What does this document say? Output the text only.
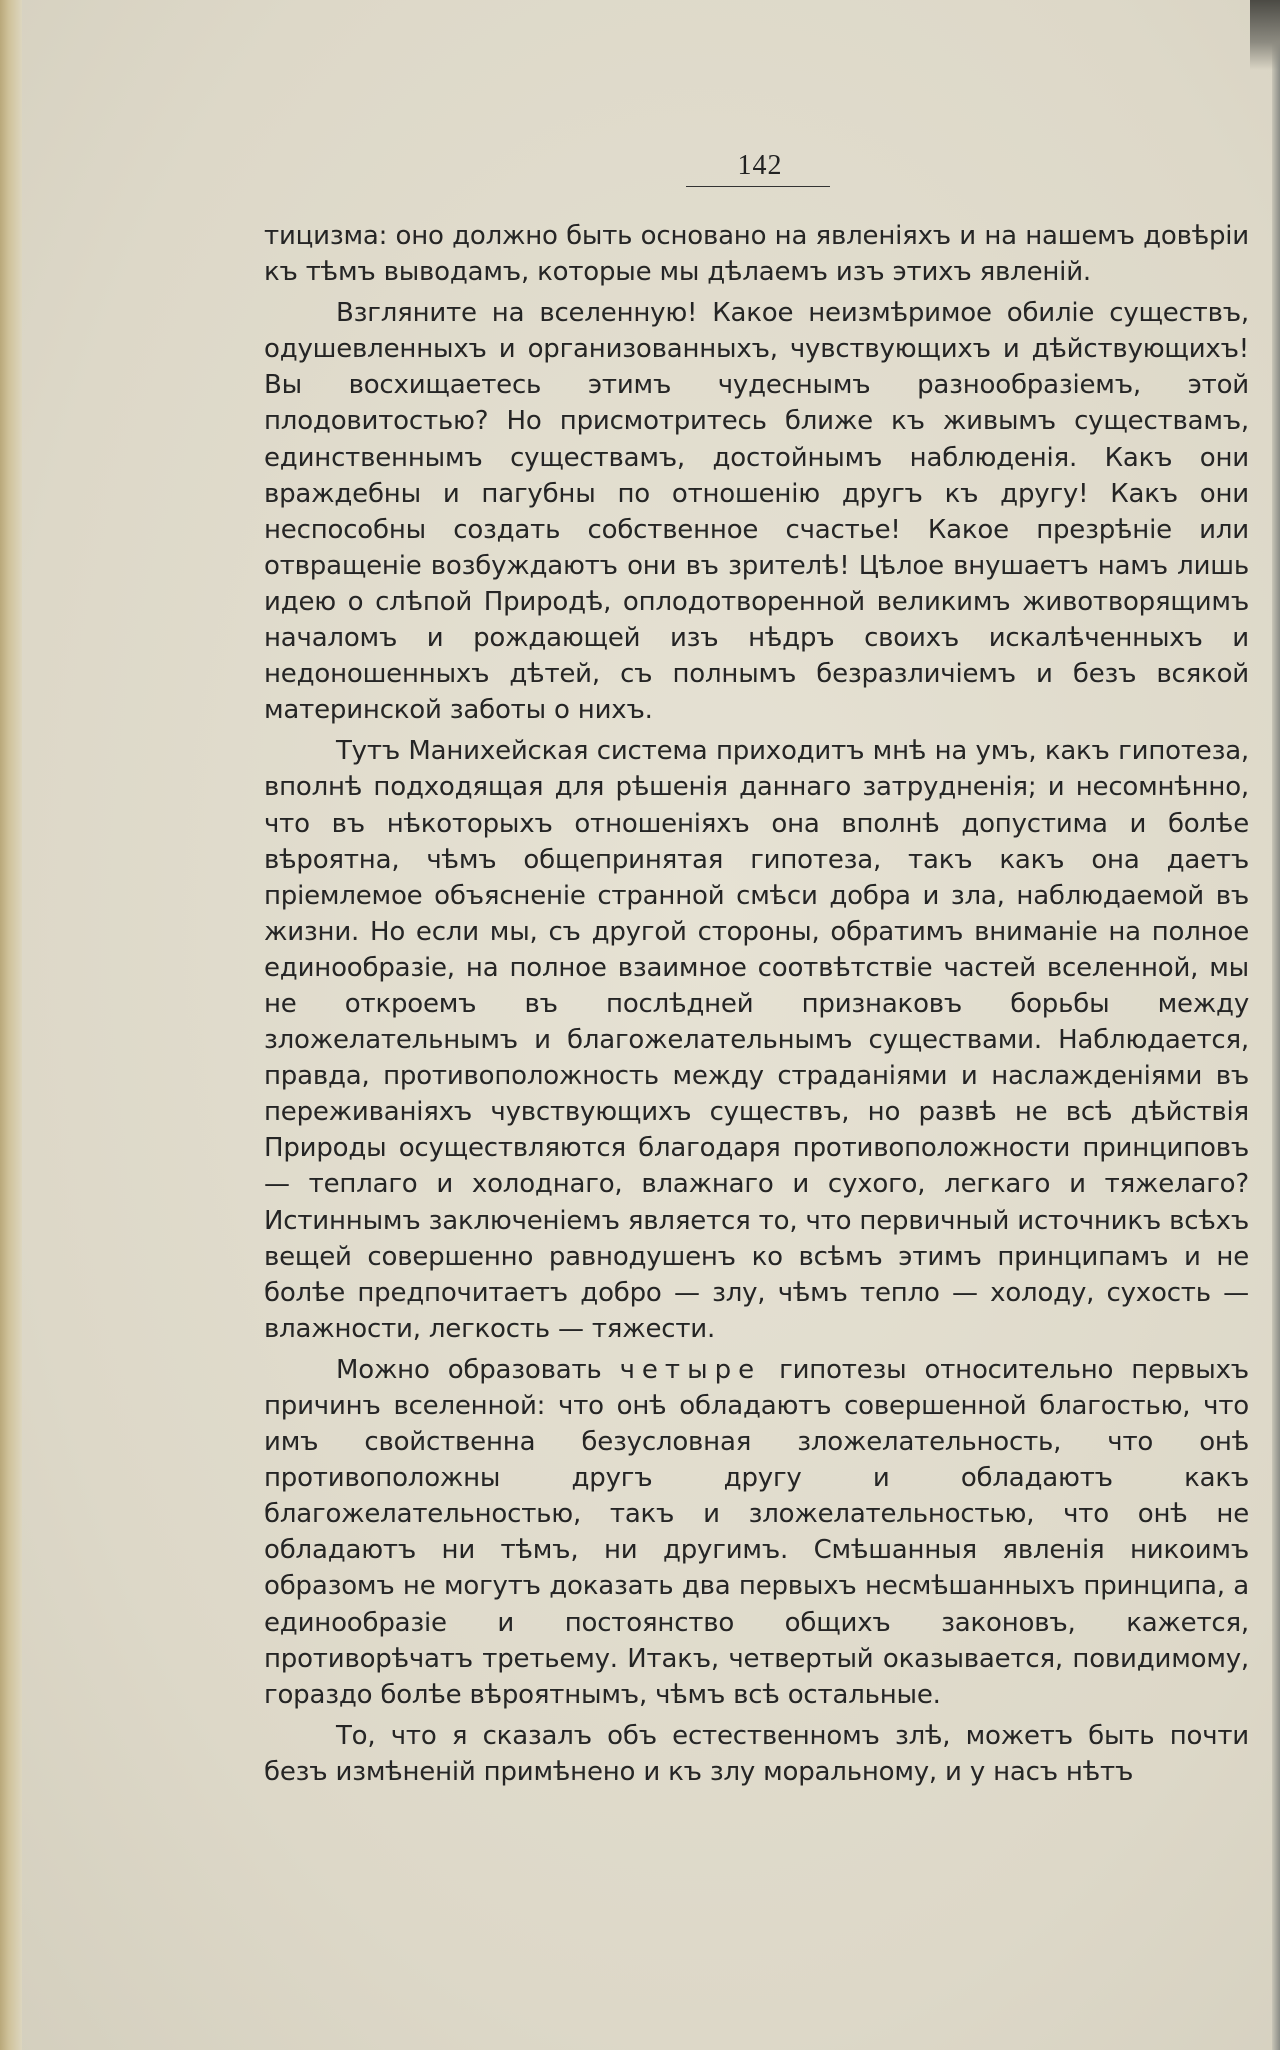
142

тицизма: оно должно быть основано на явленіяхъ и на нашемъ довѣріи къ тѣмъ выводамъ, которые мы дѣлаемъ изъ этихъ явленій.

Взгляните на вселенную! Какое неизмѣримое обиліе существъ, одушевленныхъ и организованныхъ, чувствующихъ и дѣйствующихъ! Вы восхищаетесь этимъ чудеснымъ разнообразіемъ, этой плодовитостью? Но присмотритесь ближе къ живымъ существамъ, единственнымъ существамъ, достойнымъ наблюденія. Какъ они враждебны и пагубны по отношенію другъ къ другу! Какъ они неспособны создать собственное счастье! Какое презрѣніе или отвращеніе возбуждаютъ они въ зрителѣ! Цѣлое внушаетъ намъ лишь идею о слѣпой Природѣ, оплодотворенной великимъ животворящимъ началомъ и рождающей изъ нѣдръ своихъ искалѣченныхъ и недоношенныхъ дѣтей, съ полнымъ безразличіемъ и безъ всякой материнской заботы о нихъ.

Тутъ Манихейская система приходитъ мнѣ на умъ, какъ гипотеза, вполнѣ подходящая для рѣшенія даннаго затрудненія; и несомнѣнно, что въ нѣкоторыхъ отношеніяхъ она вполнѣ допустима и болѣе вѣроятна, чѣмъ общепринятая гипотеза, такъ какъ она даетъ пріемлемое объясненіе странной смѣси добра и зла, наблюдаемой въ жизни. Но если мы, съ другой стороны, обратимъ вниманіе на полное единообразіе, на полное взаимное соотвѣтствіе частей вселенной, мы не откроемъ въ послѣдней признаковъ борьбы между зложелательнымъ и благожелательнымъ существами. Наблюдается, правда, противоположность между страданіями и наслажденіями въ переживаніяхъ чувствующихъ существъ, но развѣ не всѣ дѣйствія Природы осуществляются благодаря противоположности принциповъ — теплаго и холоднаго, влажнаго и сухого, легкаго и тяжелаго? Истиннымъ заключеніемъ является то, что первичный источникъ всѣхъ вещей совершенно равнодушенъ ко всѣмъ этимъ принципамъ и не болѣе предпочитаетъ добро — злу, чѣмъ тепло — холоду, сухость — влажности, легкость — тяжести.

Можно образовать четыре гипотезы относительно первыхъ причинъ вселенной: что онѣ обладаютъ совершенной благостью, что имъ свойственна безусловная злoжелательность, что онѣ противоположны другъ другу и обладаютъ какъ благожелательностью, такъ и злoжелательностью, что онѣ не обладаютъ ни тѣмъ, ни другимъ. Смѣшанныя явленія никоимъ образомъ не могутъ доказать два первыхъ несмѣшанныхъ принципа, а единообразіе и постоянство общихъ законовъ, кажется, противорѣчатъ третьему. Итакъ, четвертый оказывается, повидимому, гораздо болѣе вѣроятнымъ, чѣмъ всѣ остальные.

То, что я сказалъ объ естественномъ злѣ, можетъ быть почти безъ измѣненій примѣнено и къ злу моральному, и у насъ нѣтъ
